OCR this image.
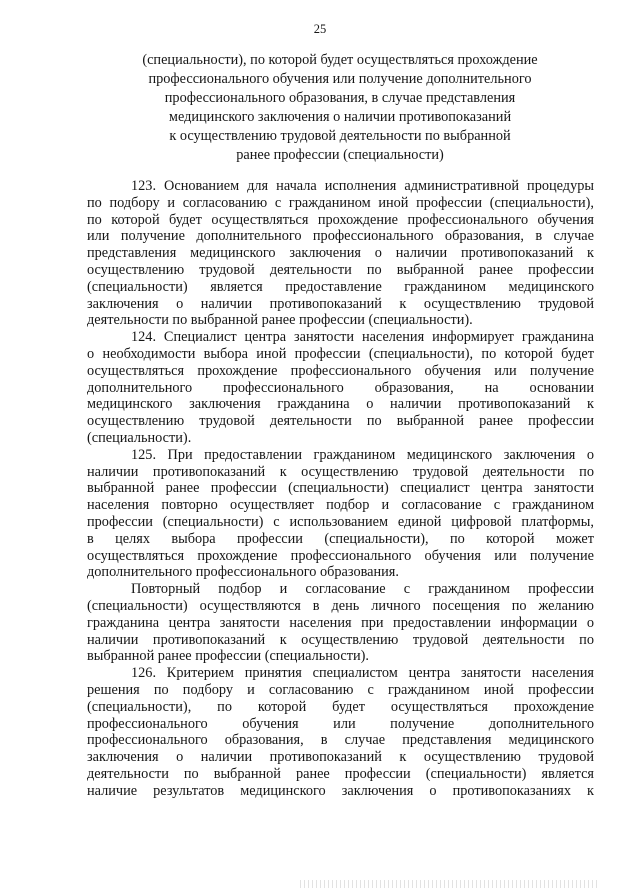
25
(специальности), по которой будет осуществляться прохождение
профессионального обучения или получение дополнительного
профессионального образования, в случае представления
медицинского заключения о наличии противопоказаний
к осуществлению трудовой деятельности по выбранной
ранее профессии (специальности)
123. Основанием для начала исполнения административной процедуры
по подбору и согласованию с гражданином иной профессии (специальности),
по которой будет осуществляться прохождение профессионального обучения
или получение дополнительного профессионального образования, в случае
представления медицинского заключения о наличии противопоказаний к
осуществлению трудовой деятельности по выбранной ранее профессии
(специальности) является предоставление гражданином медицинского
заключения о наличии противопоказаний к осуществлению трудовой
деятельности по выбранной ранее профессии (специальности).
124. Специалист центра занятости населения информирует гражданина
о необходимости выбора иной профессии (специальности), по которой будет
осуществляться прохождение профессионального обучения или получение
дополнительного профессионального образования, на основании
медицинского заключения гражданина о наличии противопоказаний к
осуществлению трудовой деятельности по выбранной ранее профессии
(специальности).
125. При предоставлении гражданином медицинского заключения о
наличии противопоказаний к осуществлению трудовой деятельности по
выбранной ранее профессии (специальности) специалист центра занятости
населения повторно осуществляет подбор и согласование с гражданином
профессии (специальности) с использованием единой цифровой платформы,
в целях выбора профессии (специальности), по которой может
осуществляться прохождение профессионального обучения или получение
дополнительного профессионального образования.
Повторный подбор и согласование с гражданином профессии
(специальности) осуществляются в день личного посещения по желанию
гражданина центра занятости населения при предоставлении информации о
наличии противопоказаний к осуществлению трудовой деятельности по
выбранной ранее профессии (специальности).
126. Критерием принятия специалистом центра занятости населения
решения по подбору и согласованию с гражданином иной профессии
(специальности), по которой будет осуществляться прохождение
профессионального обучения или получение дополнительного
профессионального образования, в случае представления медицинского
заключения о наличии противопоказаний к осуществлению трудовой
деятельности по выбранной ранее профессии (специальности) является
наличие результатов медицинского заключения о противопоказаниях к
